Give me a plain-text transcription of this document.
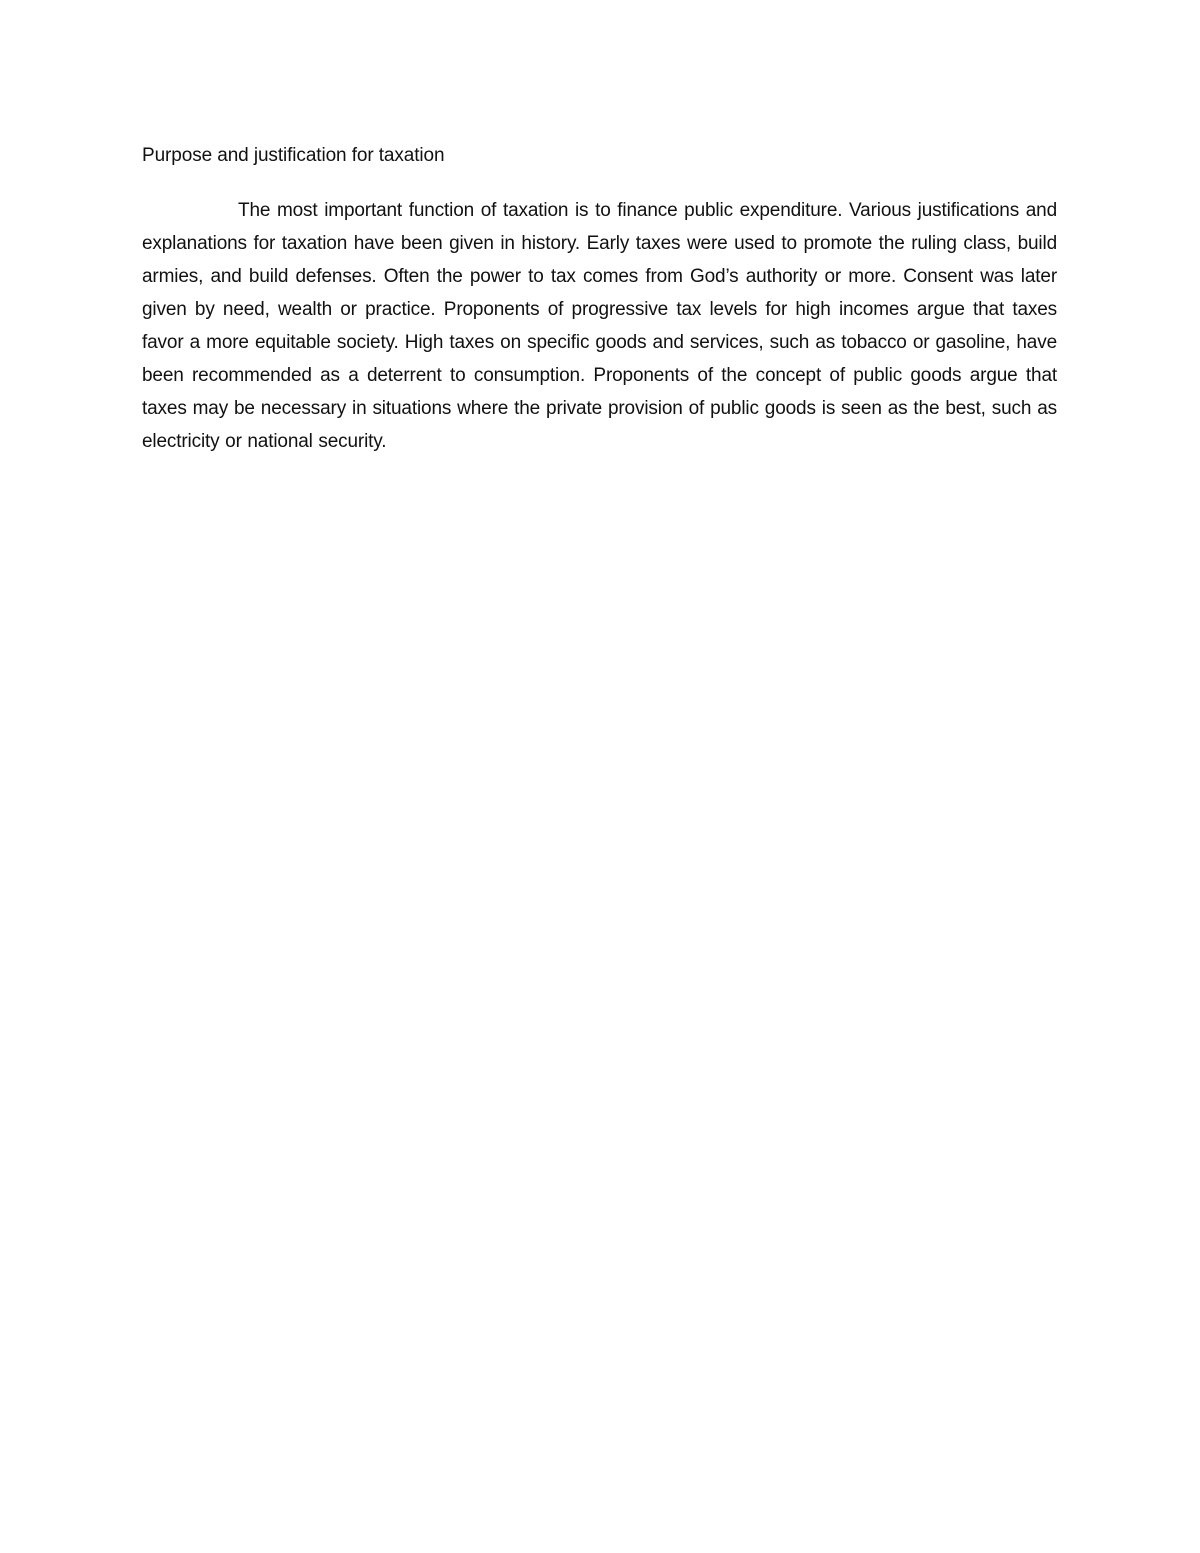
Purpose and justification for taxation

The most important function of taxation is to finance public expenditure. Various justifications and explanations for taxation have been given in history. Early taxes were used to promote the ruling class, build armies, and build defenses. Often the power to tax comes from God’s authority or more. Consent was later given by need, wealth or practice. Proponents of progressive tax levels for high incomes argue that taxes favor a more equitable society. High taxes on specific goods and services, such as tobacco or gasoline, have been recommended as a deterrent to consumption. Proponents of the concept of public goods argue that taxes may be necessary in situations where the private provision of public goods is seen as the best, such as electricity or national security.
